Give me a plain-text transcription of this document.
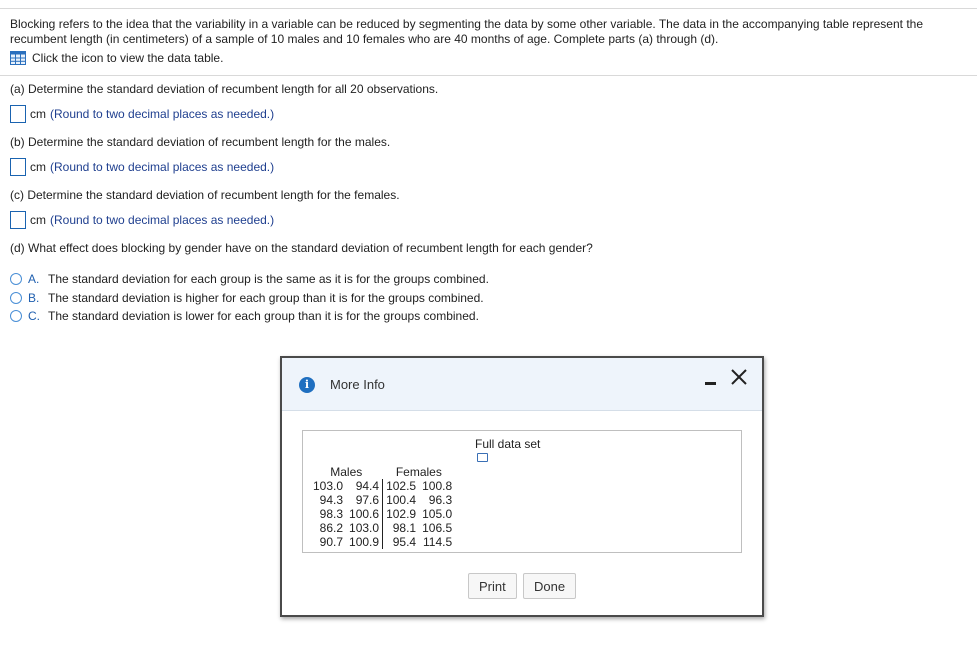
Blocking refers to the idea that the variability in a variable can be reduced by segmenting the data by some other variable. The data in the accompanying table represent the recumbent length (in centimeters) of a sample of 10 males and 10 females who are 40 months of age. Complete parts (a) through (d).
Click the icon to view the data table.
(a) Determine the standard deviation of recumbent length for all 20 observations.
cm (Round to two decimal places as needed.)
(b) Determine the standard deviation of recumbent length for the males.
cm (Round to two decimal places as needed.)
(c) Determine the standard deviation of recumbent length for the females.
cm (Round to two decimal places as needed.)
(d) What effect does blocking by gender have on the standard deviation of recumbent length for each gender?
A. The standard deviation for each group is the same as it is for the groups combined.
B. The standard deviation is higher for each group than it is for the groups combined.
C. The standard deviation is lower for each group than it is for the groups combined.
i	More Info
Full data set
Males		Females	
103.0	94.4	102.5	100.8
94.3	97.6	100.4	96.3
98.3	100.6	102.9	105.0
86.2	103.0	98.1	106.5
90.7	100.9	95.4	114.5
Print	Done
